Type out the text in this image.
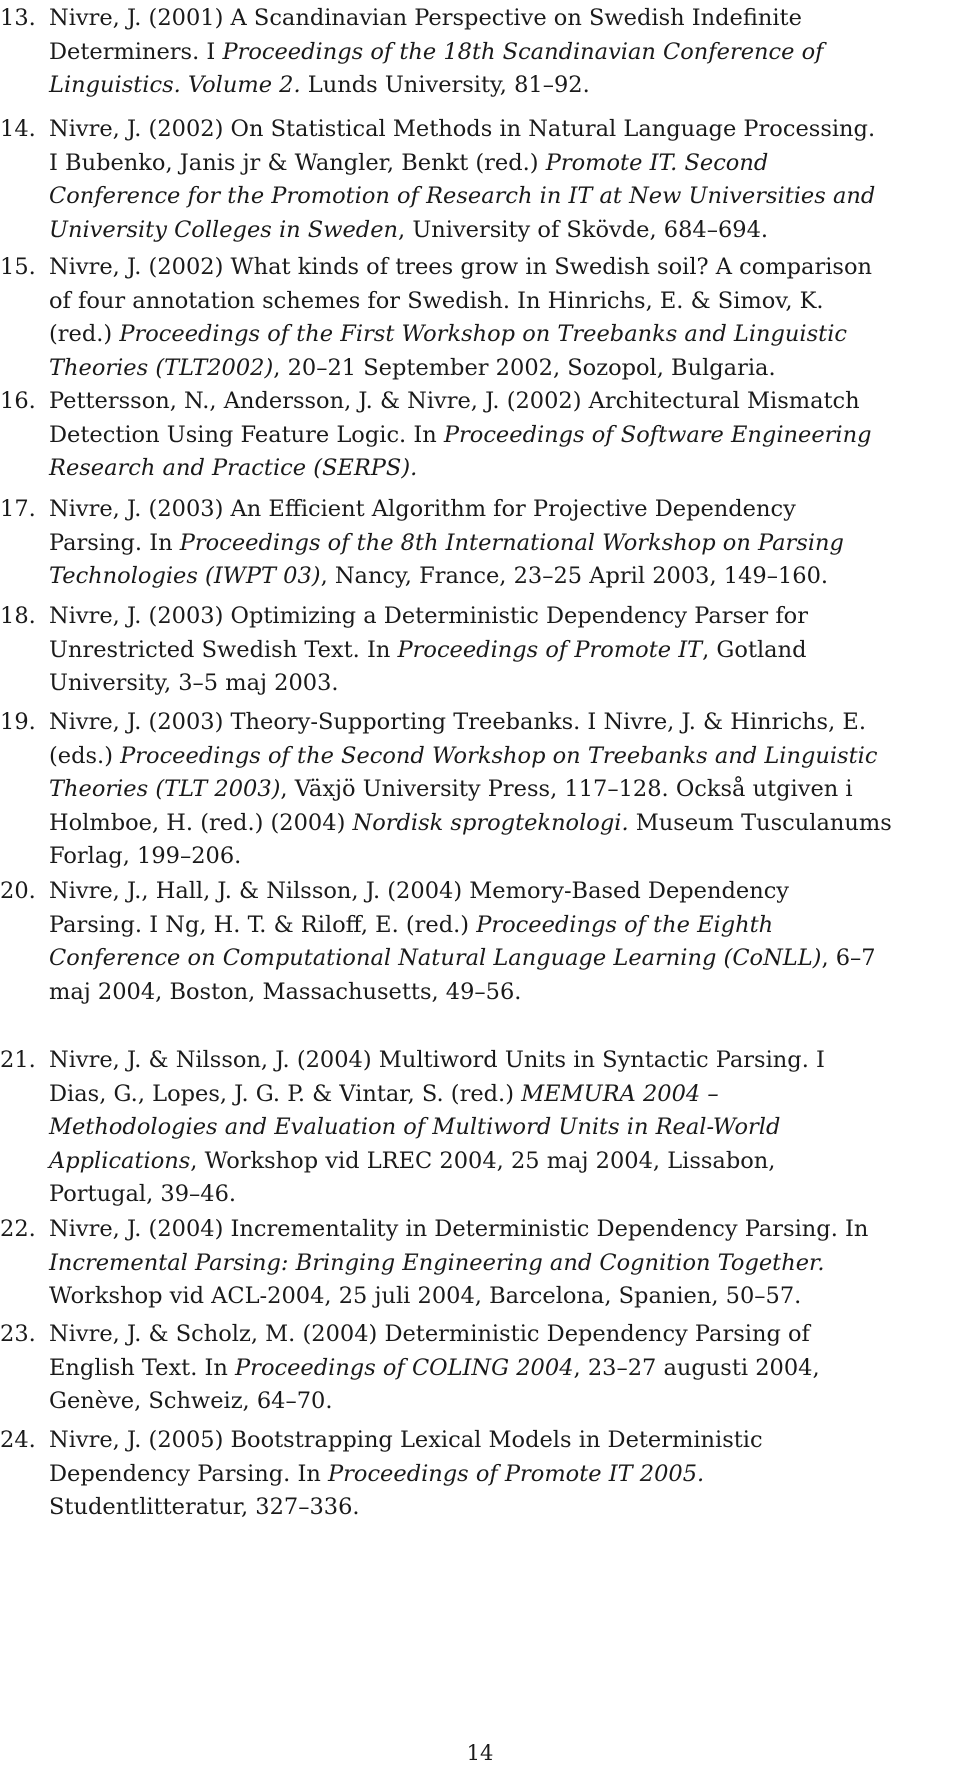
13. Nivre, J. (2001) A Scandinavian Perspective on Swedish Indefinite
Determiners. I Proceedings of the 18th Scandinavian Conference of
Linguistics. Volume 2. Lunds University, 81–92.
14. Nivre, J. (2002) On Statistical Methods in Natural Language Processing.
I Bubenko, Janis jr & Wangler, Benkt (red.) Promote IT. Second
Conference for the Promotion of Research in IT at New Universities and
University Colleges in Sweden, University of Skövde, 684–694.
15. Nivre, J. (2002) What kinds of trees grow in Swedish soil? A comparison
of four annotation schemes for Swedish. In Hinrichs, E. & Simov, K.
(red.) Proceedings of the First Workshop on Treebanks and Linguistic
Theories (TLT2002), 20–21 September 2002, Sozopol, Bulgaria.
16. Pettersson, N., Andersson, J. & Nivre, J. (2002) Architectural Mismatch
Detection Using Feature Logic. In Proceedings of Software Engineering
Research and Practice (SERPS).
17. Nivre, J. (2003) An Efficient Algorithm for Projective Dependency
Parsing. In Proceedings of the 8th International Workshop on Parsing
Technologies (IWPT 03), Nancy, France, 23–25 April 2003, 149–160.
18. Nivre, J. (2003) Optimizing a Deterministic Dependency Parser for
Unrestricted Swedish Text. In Proceedings of Promote IT, Gotland
University, 3–5 maj 2003.
19. Nivre, J. (2003) Theory-Supporting Treebanks. I Nivre, J. & Hinrichs, E.
(eds.) Proceedings of the Second Workshop on Treebanks and Linguistic
Theories (TLT 2003), Växjö University Press, 117–128. Också utgiven i
Holmboe, H. (red.) (2004) Nordisk sprogteknologi. Museum Tusculanums
Forlag, 199–206.
20. Nivre, J., Hall, J. & Nilsson, J. (2004) Memory-Based Dependency
Parsing. I Ng, H. T. & Riloff, E. (red.) Proceedings of the Eighth
Conference on Computational Natural Language Learning (CoNLL), 6–7
maj 2004, Boston, Massachusetts, 49–56.
21. Nivre, J. & Nilsson, J. (2004) Multiword Units in Syntactic Parsing. I
Dias, G., Lopes, J. G. P. & Vintar, S. (red.) MEMURA 2004 –
Methodologies and Evaluation of Multiword Units in Real-World
Applications, Workshop vid LREC 2004, 25 maj 2004, Lissabon,
Portugal, 39–46.
22. Nivre, J. (2004) Incrementality in Deterministic Dependency Parsing. In
Incremental Parsing: Bringing Engineering and Cognition Together.
Workshop vid ACL-2004, 25 juli 2004, Barcelona, Spanien, 50–57.
23. Nivre, J. & Scholz, M. (2004) Deterministic Dependency Parsing of
English Text. In Proceedings of COLING 2004, 23–27 augusti 2004,
Genève, Schweiz, 64–70.
24. Nivre, J. (2005) Bootstrapping Lexical Models in Deterministic
Dependency Parsing. In Proceedings of Promote IT 2005.
Studentlitteratur, 327–336.
14
